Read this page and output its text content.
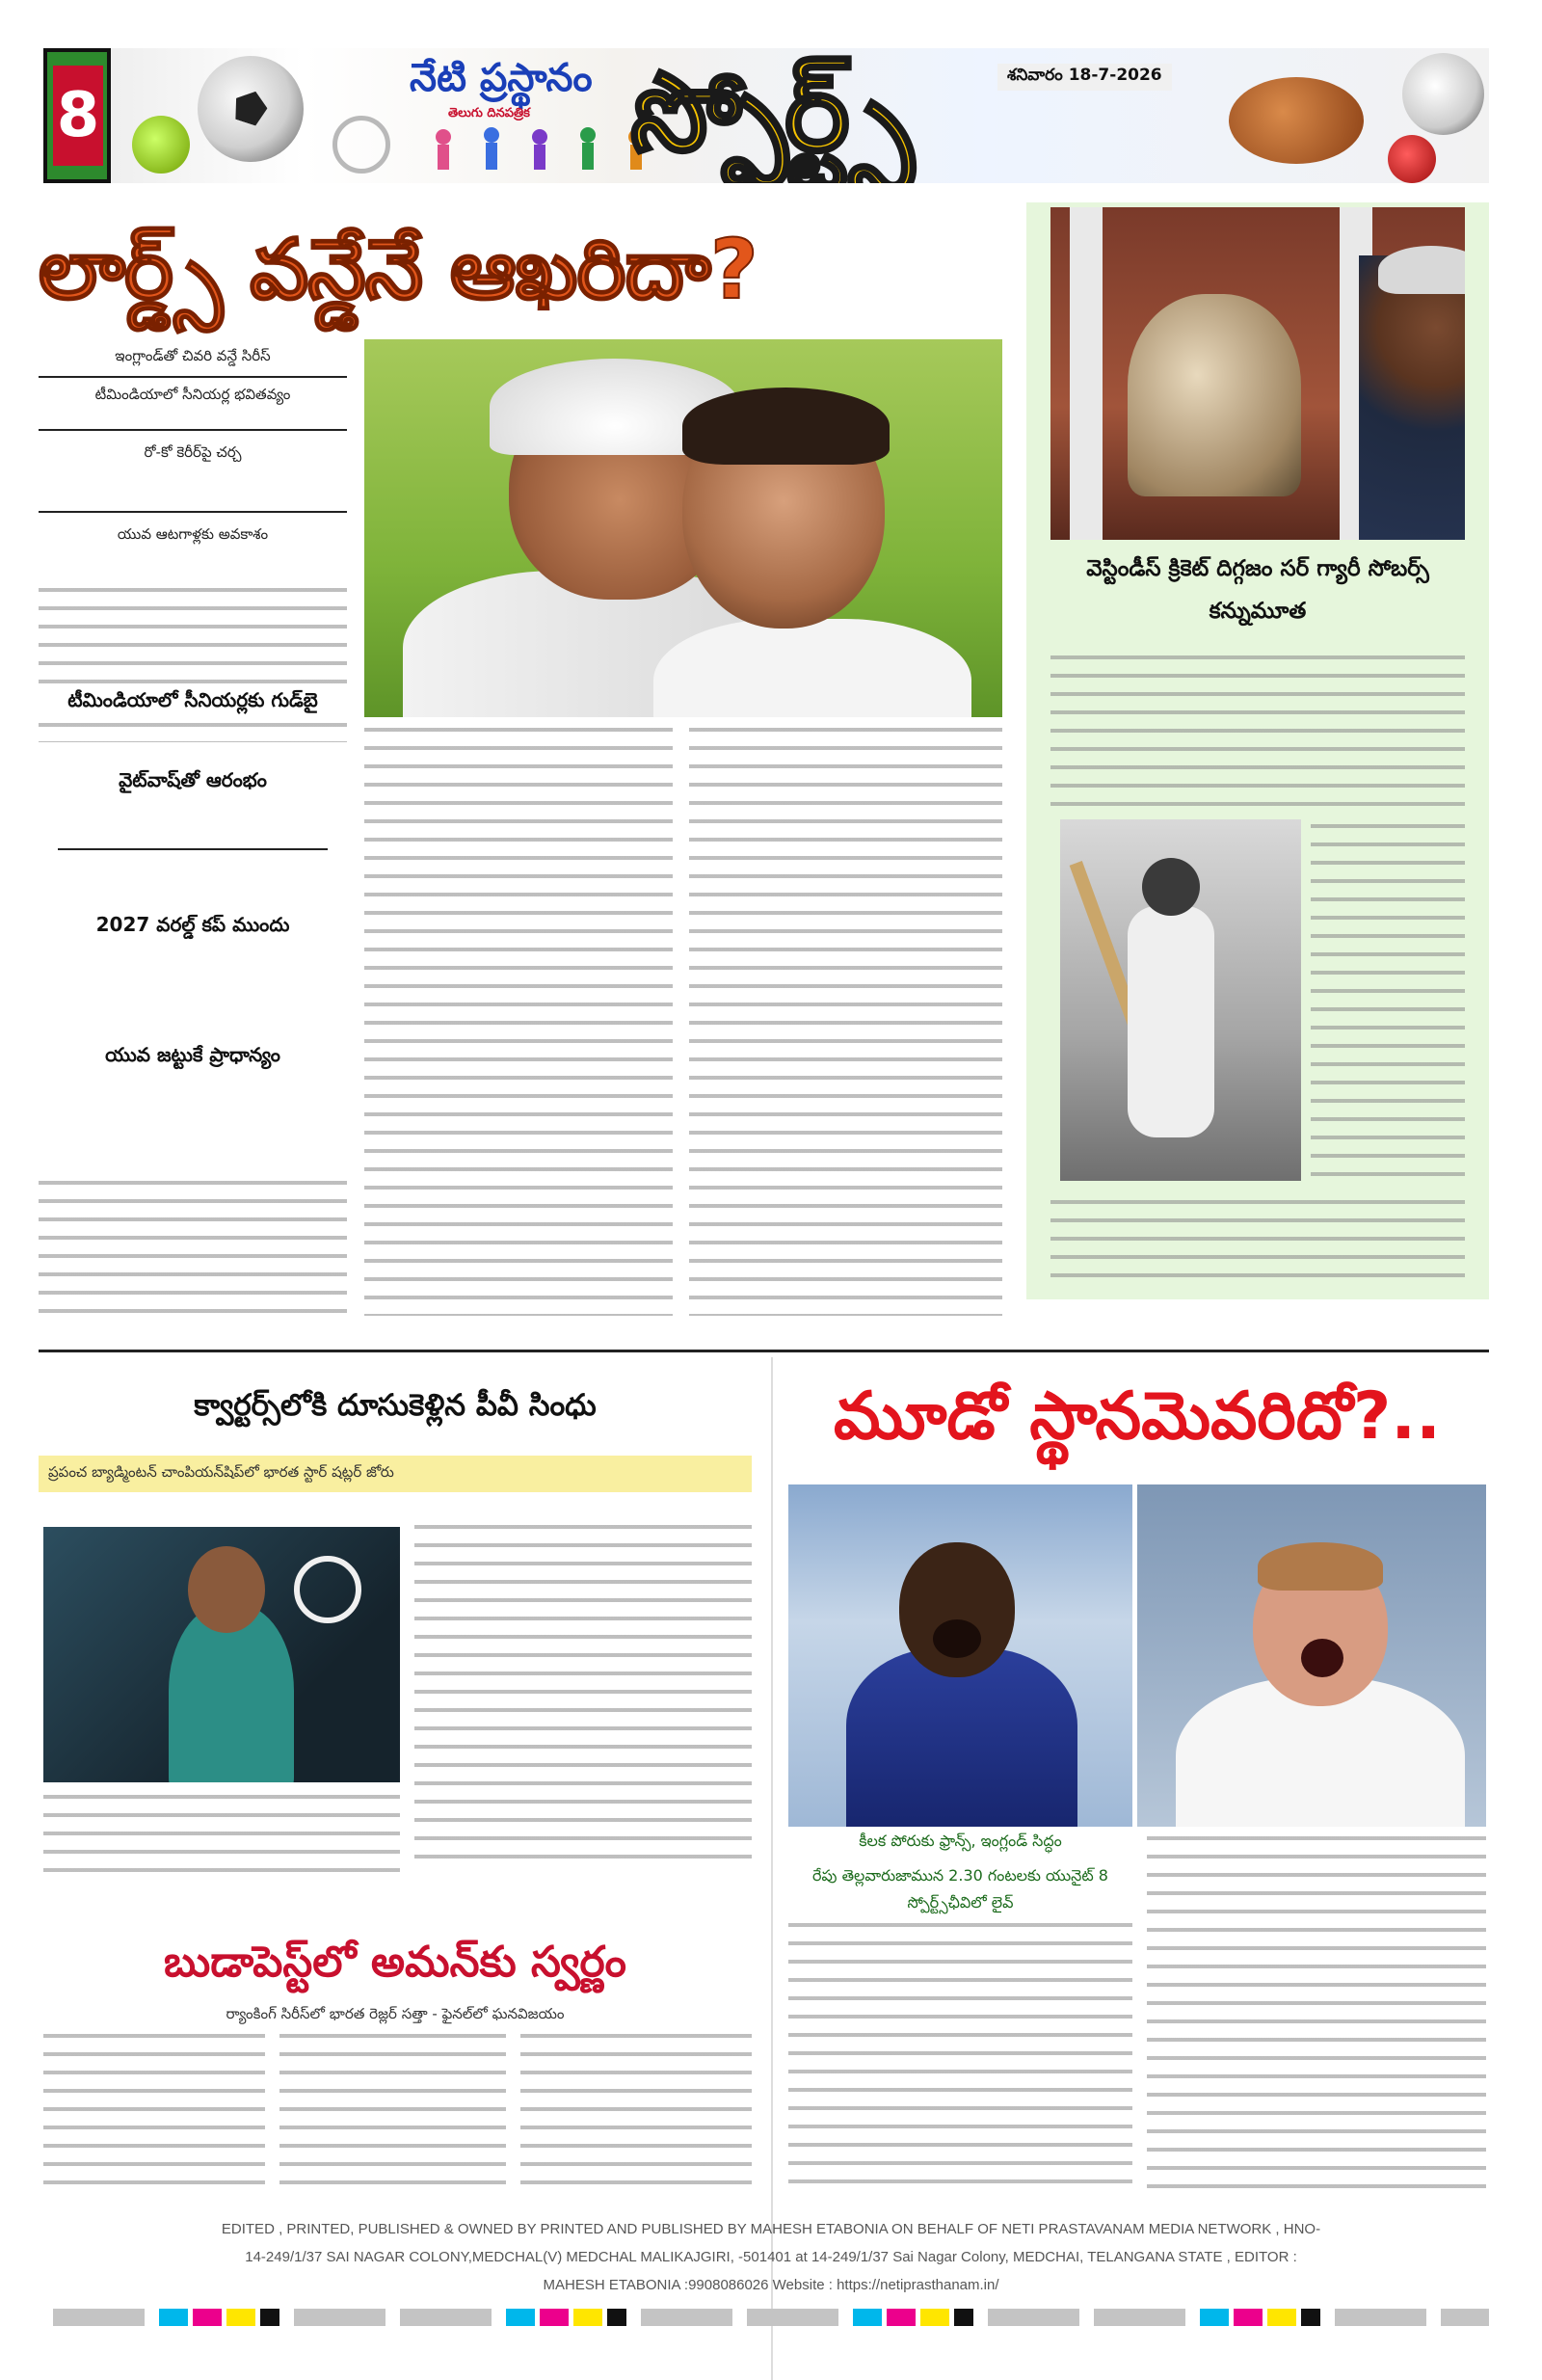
8
నేటి ప్రస్థానం
తెలుగు దినపత్రిక స్పోర్ట్స్	శనివారం 18-7-2026
లార్డ్స్ వన్డేనే ఆఖరిదా?
ఇంగ్లాండ్‌తో చివరి వన్డే సిరీస్
టీమిండియాలో సీనియర్ల భవితవ్యం
రో-కో కెరీర్‌పై చర్చ
యువ ఆటగాళ్లకు అవకాశం
టీమిండియాలో సీనియర్లకు గుడ్‌బై
వైట్‌వాష్‌తో ఆరంభం
2027 వరల్డ్ కప్ ముందు
యువ జట్టుకే ప్రాధాన్యం
వెస్టిండీస్ క్రికెట్ దిగ్గజం సర్ గ్యారీ సోబర్స్ కన్నుమూత
క్వార్టర్స్‌లోకి దూసుకెళ్లిన పీవీ సింధు
ప్రపంచ బ్యాడ్మింటన్ చాంపియన్‌షిప్‌లో భారత స్టార్ షట్లర్ జోరు
బుడాపెస్ట్‌లో అమన్‌కు స్వర్ణం
ర్యాంకింగ్ సిరీస్‌లో భారత రెజ్లర్ సత్తా - ఫైనల్‌లో ఘనవిజయం
మూడో స్థానమెవరిదో?..
కీలక పోరుకు ఫ్రాన్స్, ఇంగ్లండ్ సిద్ధం
రేపు తెల్లవారుజామున 2.30 గంటలకు యునైట్ 8 స్పోర్ట్స్‌ఛీవిలో లైవ్
EDITED , PRINTED, PUBLISHED & OWNED BY PRINTED AND PUBLISHED BY MAHESH ETABONIA ON BEHALF OF NETI PRASTAVANAM MEDIA NETWORK , HNO-
14-249/1/37 SAI NAGAR COLONY,MEDCHAL(V) MEDCHAL MALIKAJGIRI, -501401 at 14-249/1/37 Sai Nagar Colony, MEDCHAI, TELANGANA STATE , EDITOR :
MAHESH ETABONIA :9908086026 Website : https://netiprasthanam.in/
